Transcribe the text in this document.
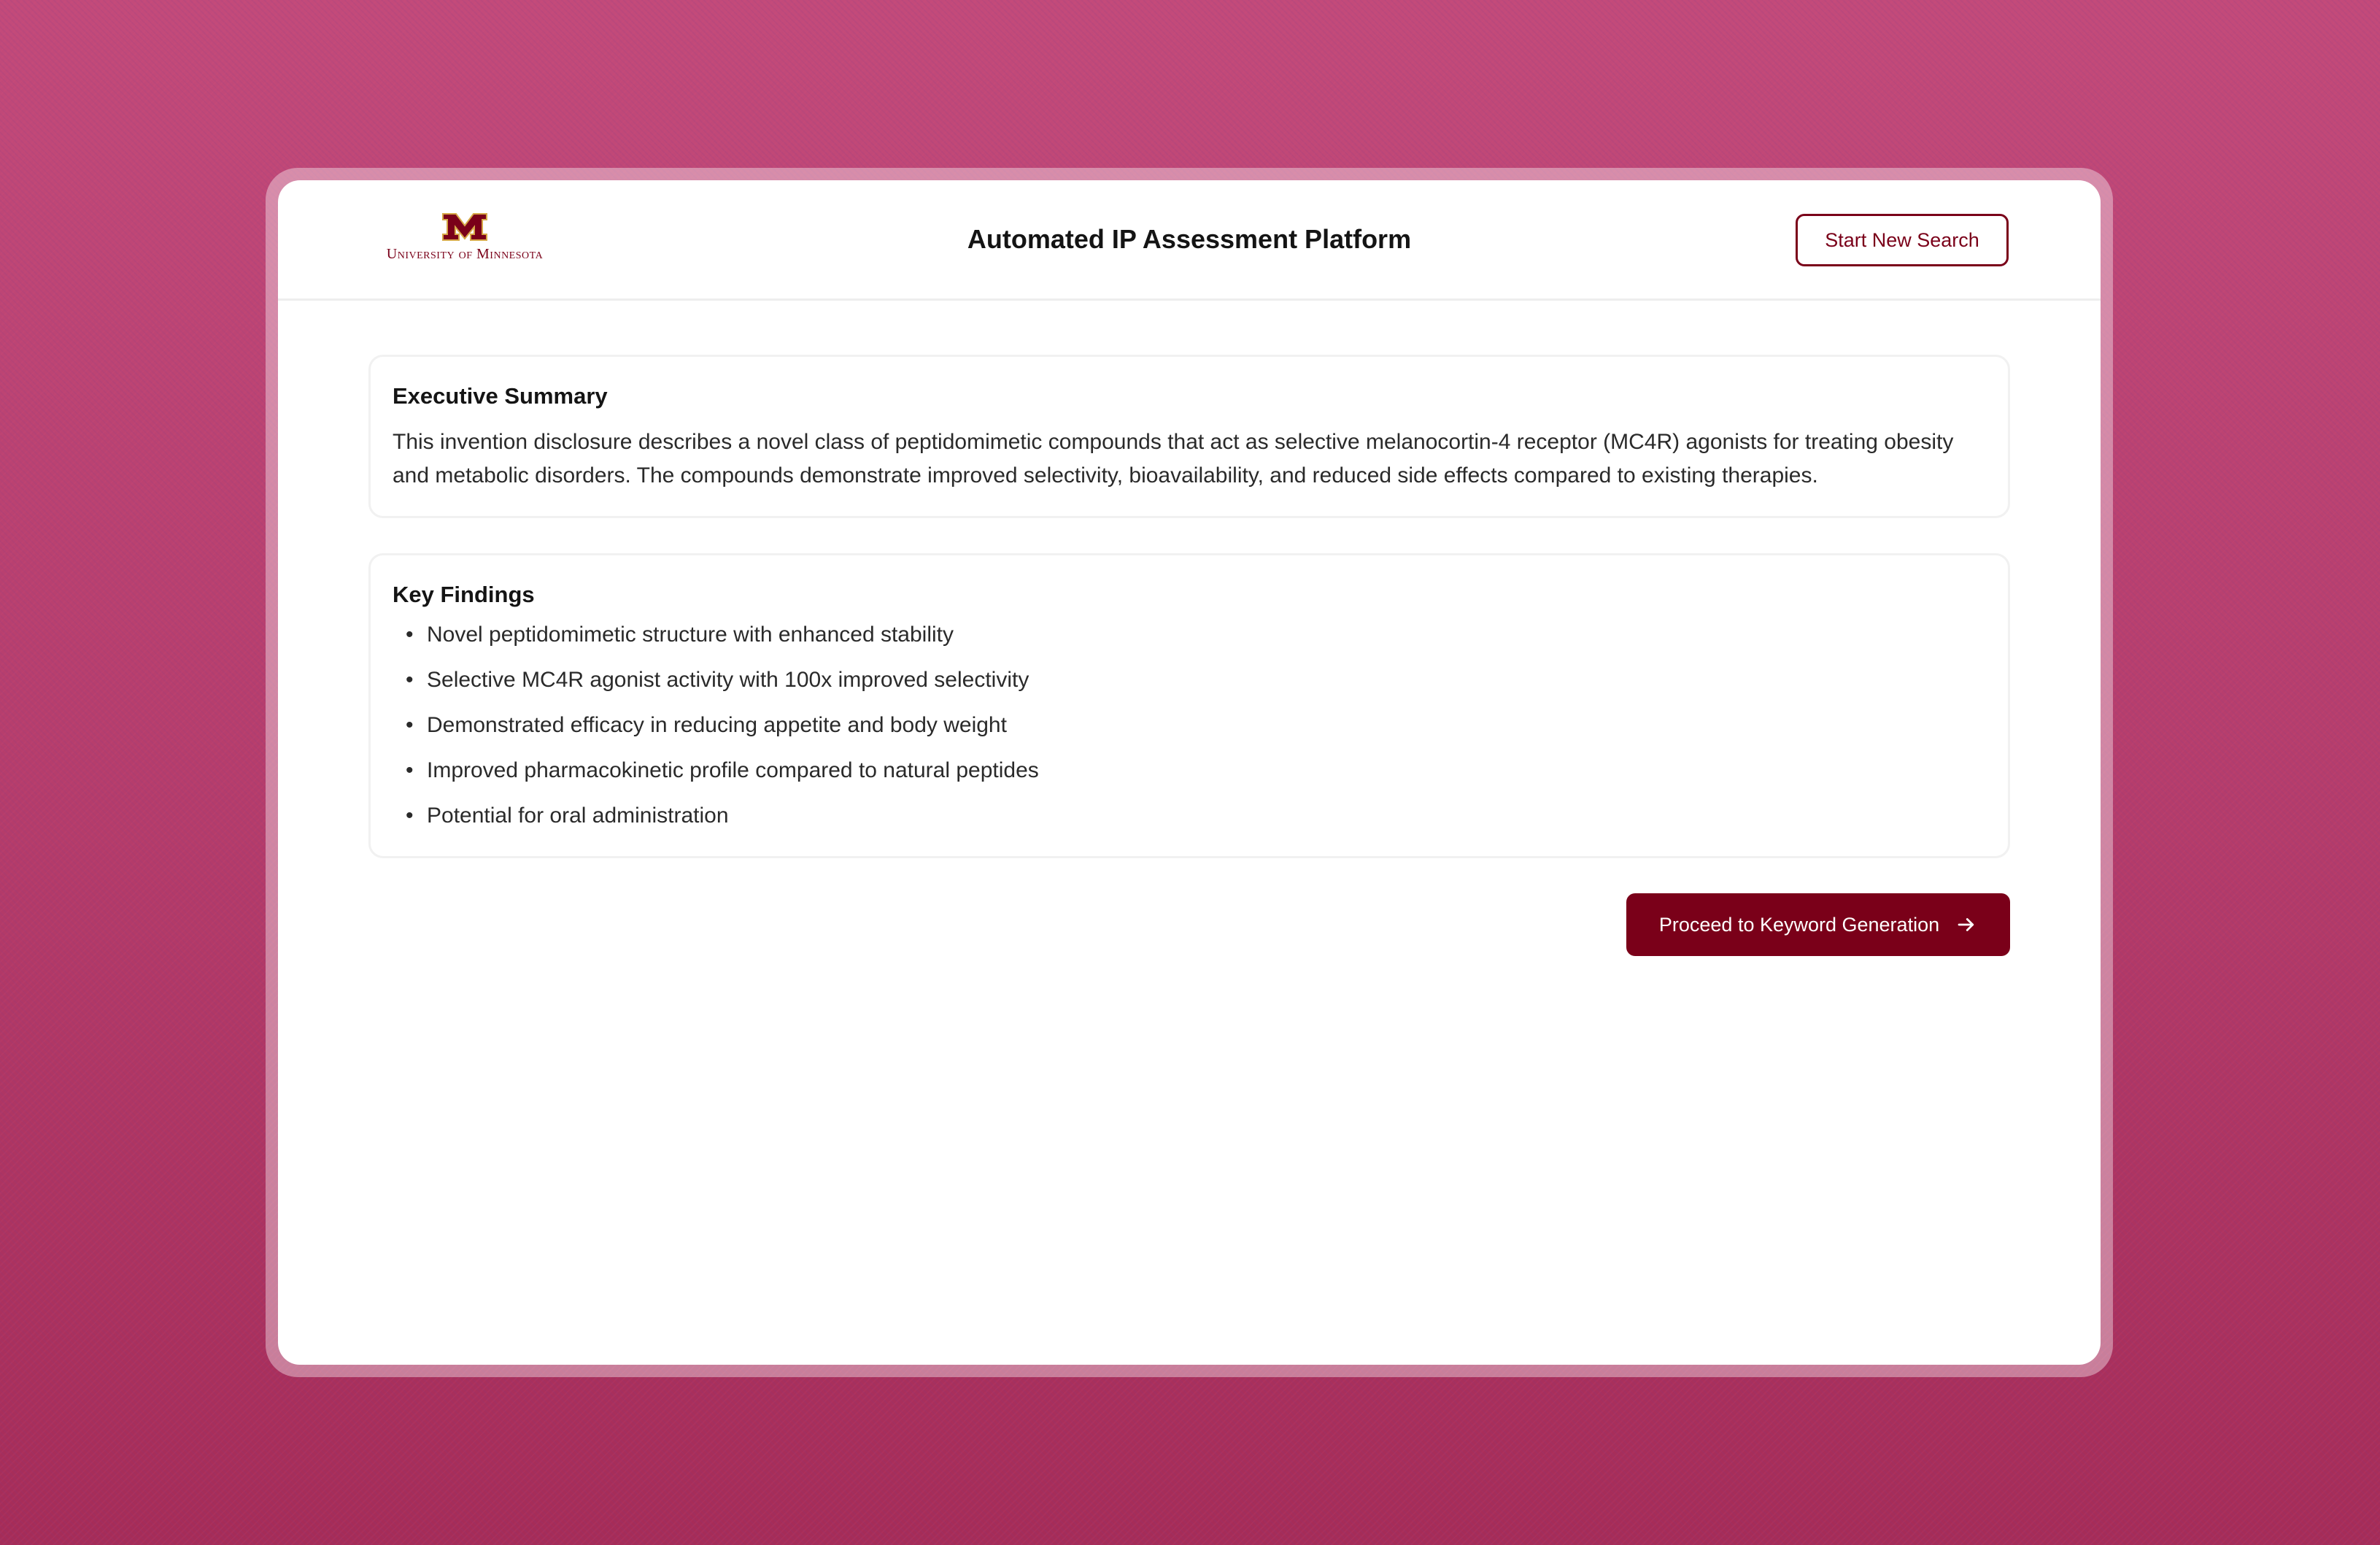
University of Minnesota	Automated IP Assessment Platform	Start New Search
Executive Summary

This invention disclosure describes a novel class of peptidomimetic compounds that act as selective melanocortin-4 receptor (MC4R) agonists for treating obesity and metabolic disorders. The compounds demonstrate improved selectivity, bioavailability, and reduced side effects compared to existing therapies.

Key Findings
• Novel peptidomimetic structure with enhanced stability
• Selective MC4R agonist activity with 100x improved selectivity
• Demonstrated efficacy in reducing appetite and body weight
• Improved pharmacokinetic profile compared to natural peptides
• Potential for oral administration
Proceed to Keyword Generation
